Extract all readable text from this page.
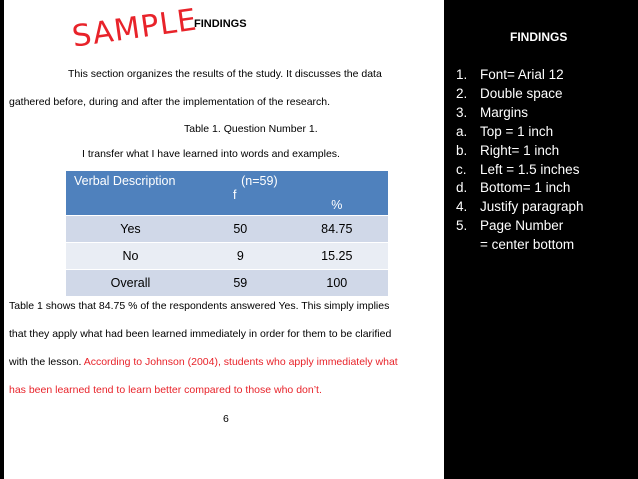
SAMPLE
FINDINGS
This section organizes the results of the study. It discusses the data
gathered before, during and after the implementation of the research.
Table 1. Question Number 1.
I transfer what I have learned into words and examples.
Verbal Description	(n=59)
f	%
Yes	50	84.75
No	9	15.25
Overall	59	100
Table 1 shows that 84.75 % of the respondents answered Yes. This simply implies
that they apply what had been learned immediately in order for them to be clarified
with the lesson. According to Johnson (2004), students who apply immediately what
has been learned tend to learn better compared to those who don’t.
6
FINDINGS
1. Font= Arial 12
2. Double space
3. Margins
a. Top = 1 inch
b. Right= 1 inch
c. Left = 1.5 inches
d. Bottom= 1 inch
4. Justify paragraph
5. Page Number
= center bottom
